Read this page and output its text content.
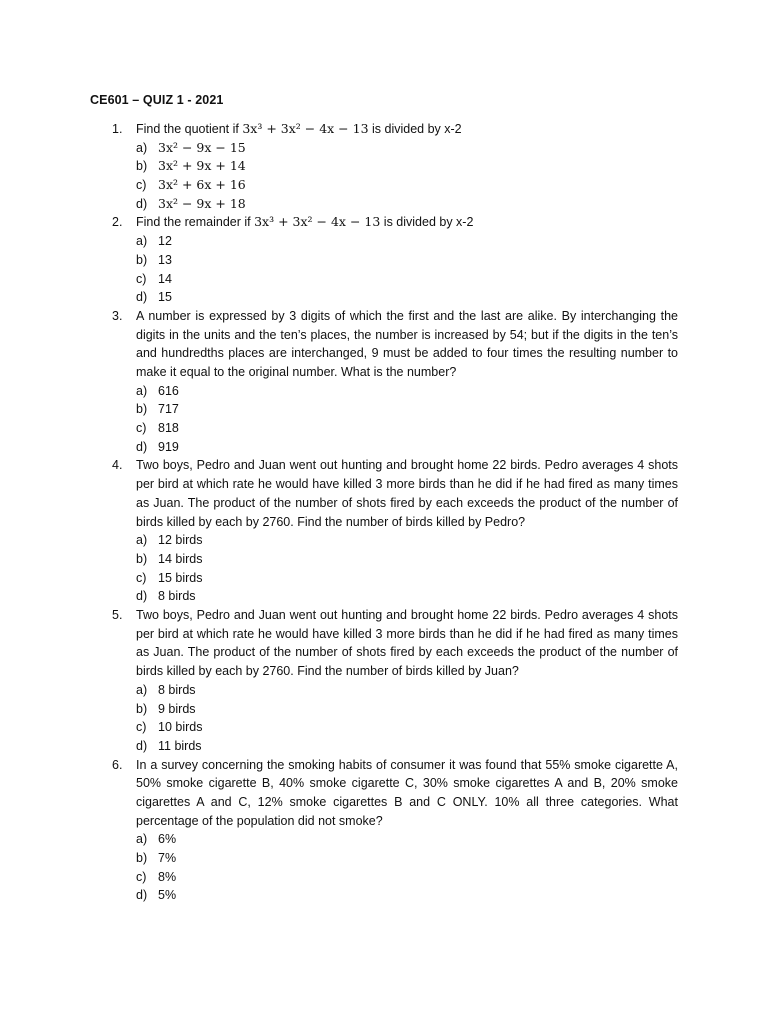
CE601 – QUIZ 1 - 2021
1.	Find the quotient if 3x³ + 3x² − 4x − 13 is divided by x-2
a) 3x² − 9x − 15
b) 3x² + 9x + 14
c) 3x² + 6x + 16
d) 3x² − 9x + 18
2.	Find the remainder if 3x³ + 3x² − 4x − 13 is divided by x-2
a) 12
b) 13
c) 14
d) 15
3.	A number is expressed by 3 digits of which the first and the last are alike. By interchanging the digits in the units and the ten’s places, the number is increased by 54; but if the digits in the ten’s and hundredths places are interchanged, 9 must be added to four times the resulting number to make it equal to the original number. What is the number?
a) 616
b) 717
c) 818
d) 919
4.	Two boys, Pedro and Juan went out hunting and brought home 22 birds. Pedro averages 4 shots per bird at which rate he would have killed 3 more birds than he did if he had fired as many times as Juan. The product of the number of shots fired by each exceeds the product of the number of birds killed by each by 2760. Find the number of birds killed by Pedro?
a) 12 birds
b) 14 birds
c) 15 birds
d) 8 birds
5.	Two boys, Pedro and Juan went out hunting and brought home 22 birds. Pedro averages 4 shots per bird at which rate he would have killed 3 more birds than he did if he had fired as many times as Juan. The product of the number of shots fired by each exceeds the product of the number of birds killed by each by 2760. Find the number of birds killed by Juan?
a) 8 birds
b) 9 birds
c) 10 birds
d) 11 birds
6.	In a survey concerning the smoking habits of consumer it was found that 55% smoke cigarette A, 50% smoke cigarette B, 40% smoke cigarette C, 30% smoke cigarettes A and B, 20% smoke cigarettes A and C, 12% smoke cigarettes B and C ONLY. 10% all three categories. What percentage of the population did not smoke?
a) 6%
b) 7%
c) 8%
d) 5%
